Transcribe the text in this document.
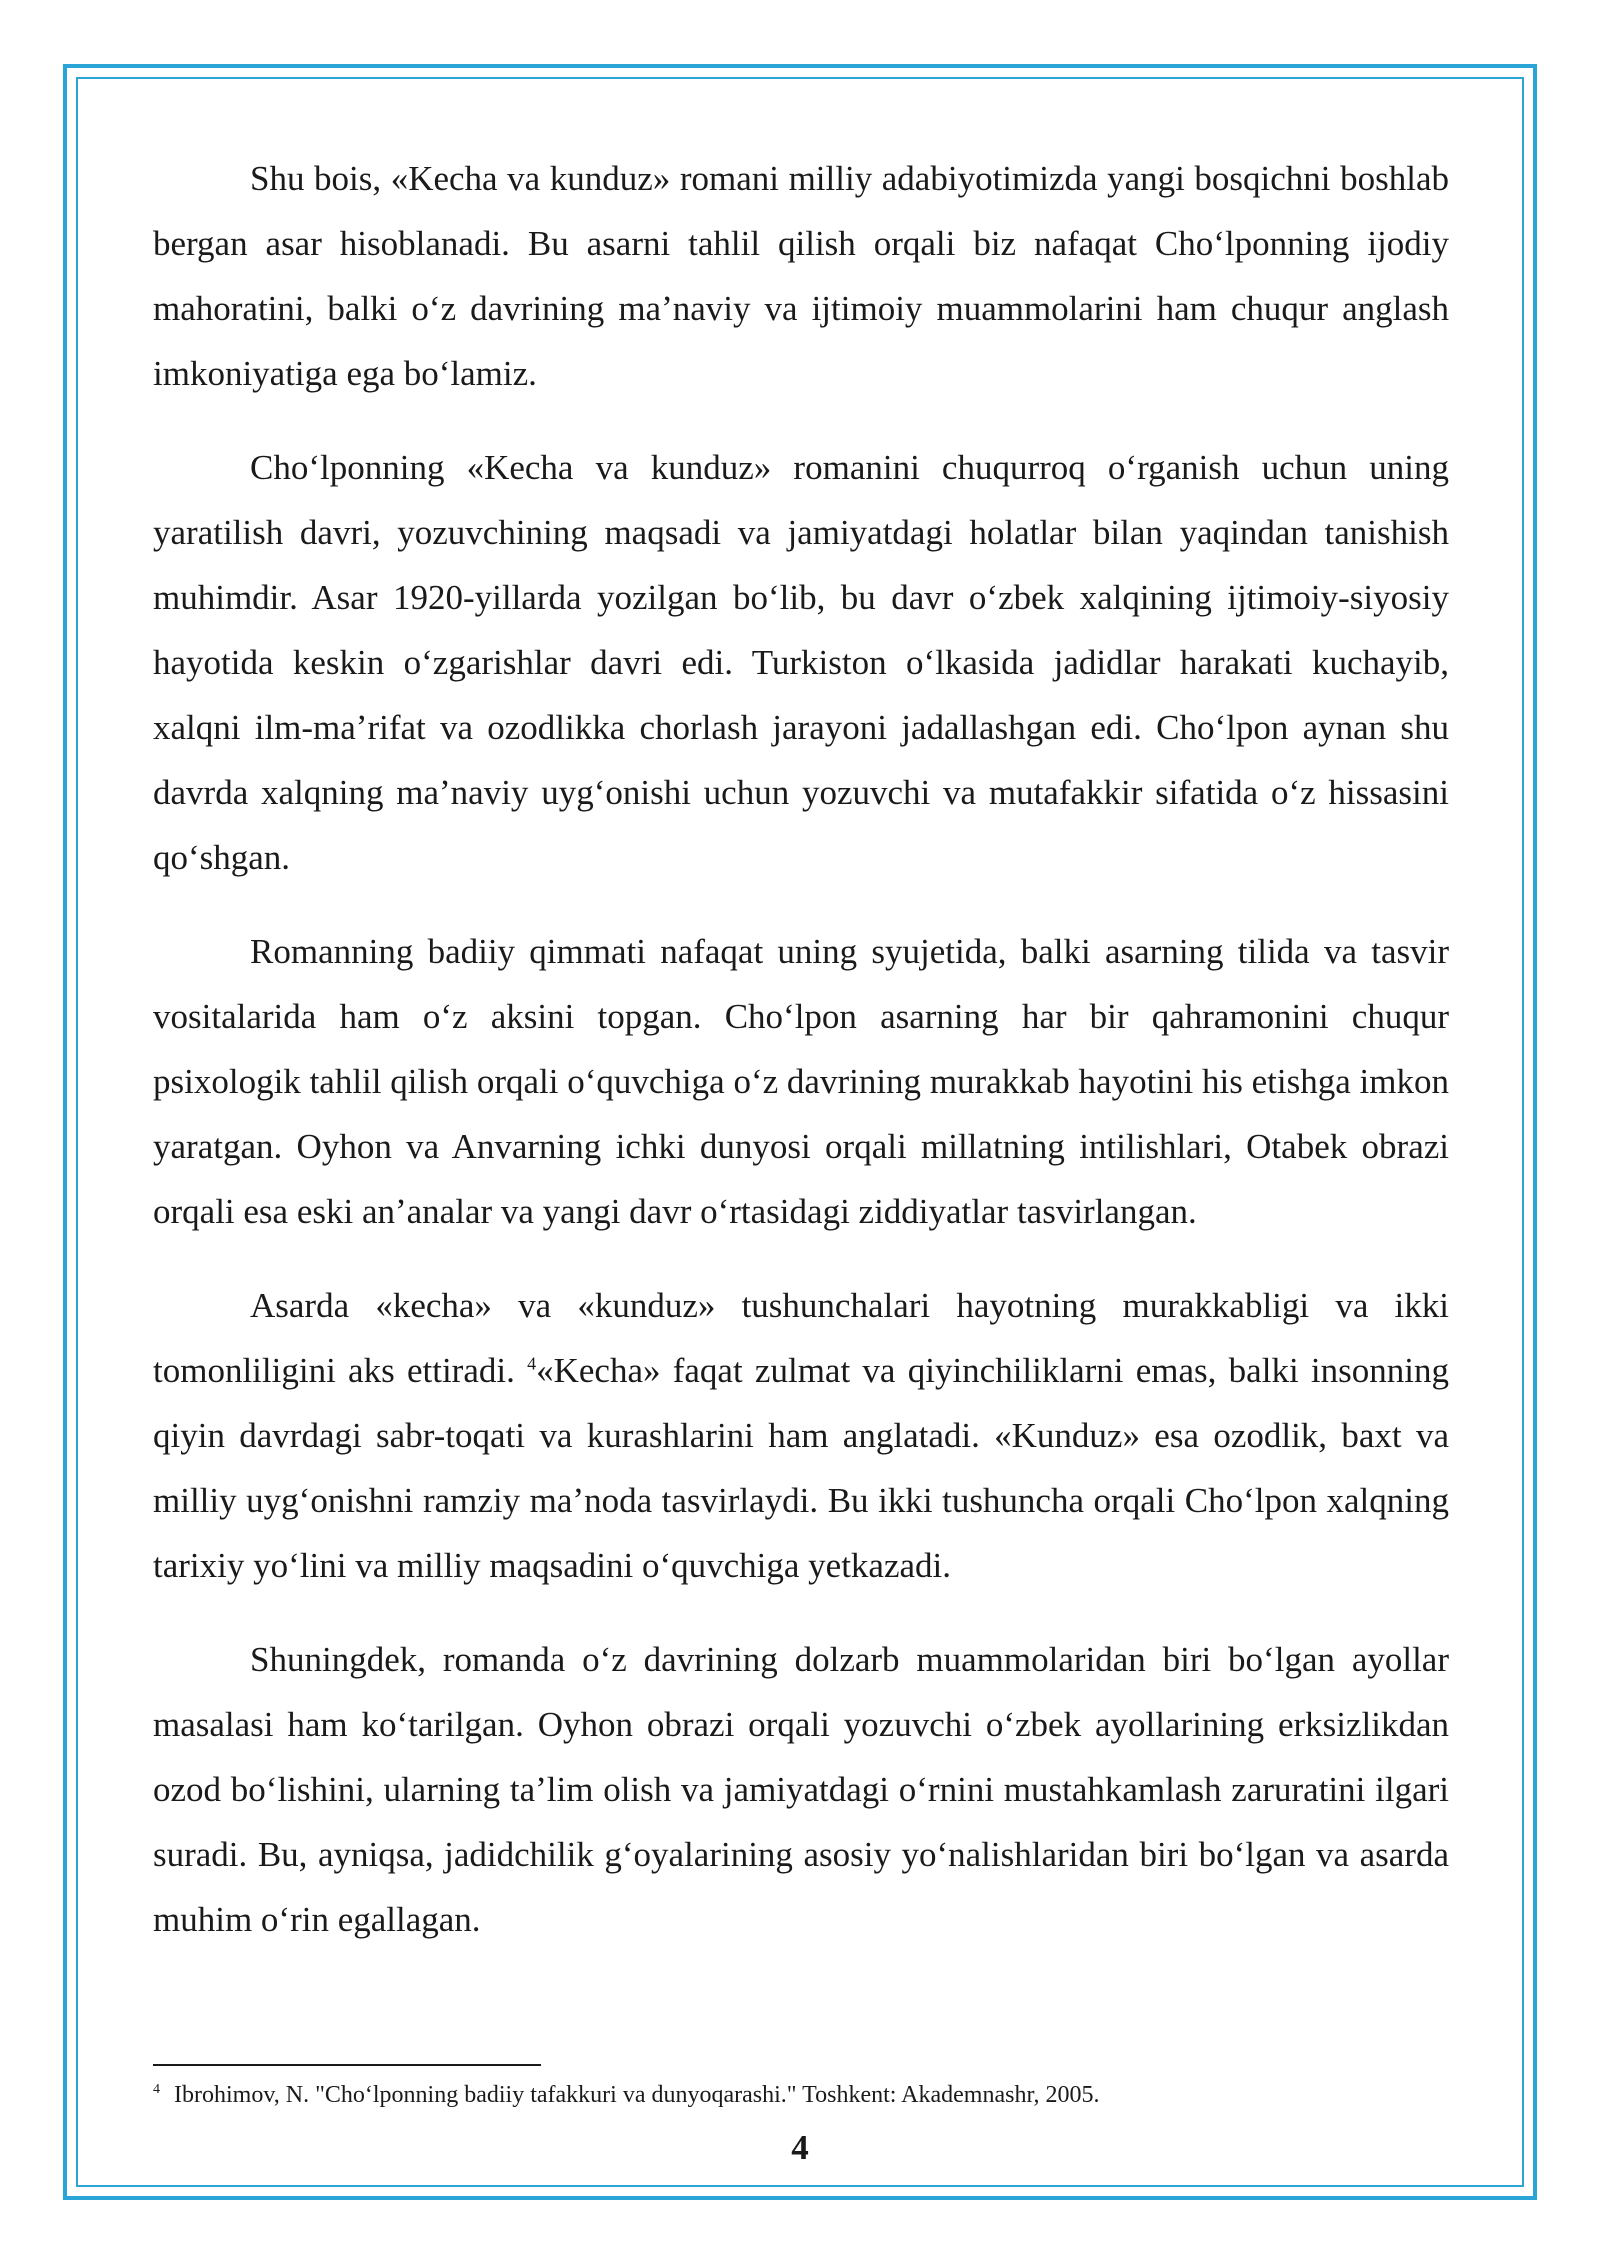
Shu bois, «Kecha va kunduz» romani milliy adabiyotimizda yangi bosqichni boshlab bergan asar hisoblanadi. Bu asarni tahlil qilish orqali biz nafaqat Choʻlponning ijodiy mahoratini, balki oʻz davrining maʼnaviy va ijtimoiy muammolarini ham chuqur anglash imkoniyatiga ega boʻlamiz.

Choʻlponning «Kecha va kunduz» romanini chuqurroq oʻrganish uchun uning yaratilish davri, yozuvchining maqsadi va jamiyatdagi holatlar bilan yaqindan tanishish muhimdir. Asar 1920-yillarda yozilgan boʻlib, bu davr oʻzbek xalqining ijtimoiy-siyosiy hayotida keskin oʻzgarishlar davri edi. Turkiston oʻlkasida jadidlar harakati kuchayib, xalqni ilm-maʼrifat va ozodlikka chorlash jarayoni jadallashgan edi. Choʻlpon aynan shu davrda xalqning maʼnaviy uygʻonishi uchun yozuvchi va mutafakkir sifatida oʻz hissasini qoʻshgan.

Romanning badiiy qimmati nafaqat uning syujetida, balki asarning tilida va tasvir vositalarida ham oʻz aksini topgan. Choʻlpon asarning har bir qahramonini chuqur psixologik tahlil qilish orqali oʻquvchiga oʻz davrining murakkab hayotini his etishga imkon yaratgan. Oyhon va Anvarning ichki dunyosi orqali millatning intilishlari, Otabek obrazi orqali esa eski anʼanalar va yangi davr oʻrtasidagi ziddiyatlar tasvirlangan.

Asarda «kecha» va «kunduz» tushunchalari hayotning murakkabligi va ikki tomonliligini aks ettiradi. $^4$«Kecha» faqat zulmat va qiyinchiliklarni emas, balki insonning qiyin davrdagi sabr-toqati va kurashlarini ham anglatadi. «Kunduz» esa ozodlik, baxt va milliy uygʻonishni ramziy maʼnoda tasvirlaydi. Bu ikki tushuncha orqali Choʻlpon xalqning tarixiy yoʻlini va milliy maqsadini oʻquvchiga yetkazadi.

Shuningdek, romanda oʻz davrining dolzarb muammolaridan biri boʻlgan ayollar masalasi ham koʻtarilgan. Oyhon obrazi orqali yozuvchi oʻzbek ayollarining erksizlikdan ozod boʻlishini, ularning taʼlim olish va jamiyatdagi oʻrnini mustahkamlash zaruratini ilgari suradi. Bu, ayniqsa, jadidchilik gʻoyalarining asosiy yoʻnalishlaridan biri boʻlgan va asarda muhim oʻrin egallagan.

$^4$ Ibrohimov, N. "Choʻlponning badiiy tafakkuri va dunyoqarashi." Toshkent: Akademnashr, 2005.
4
